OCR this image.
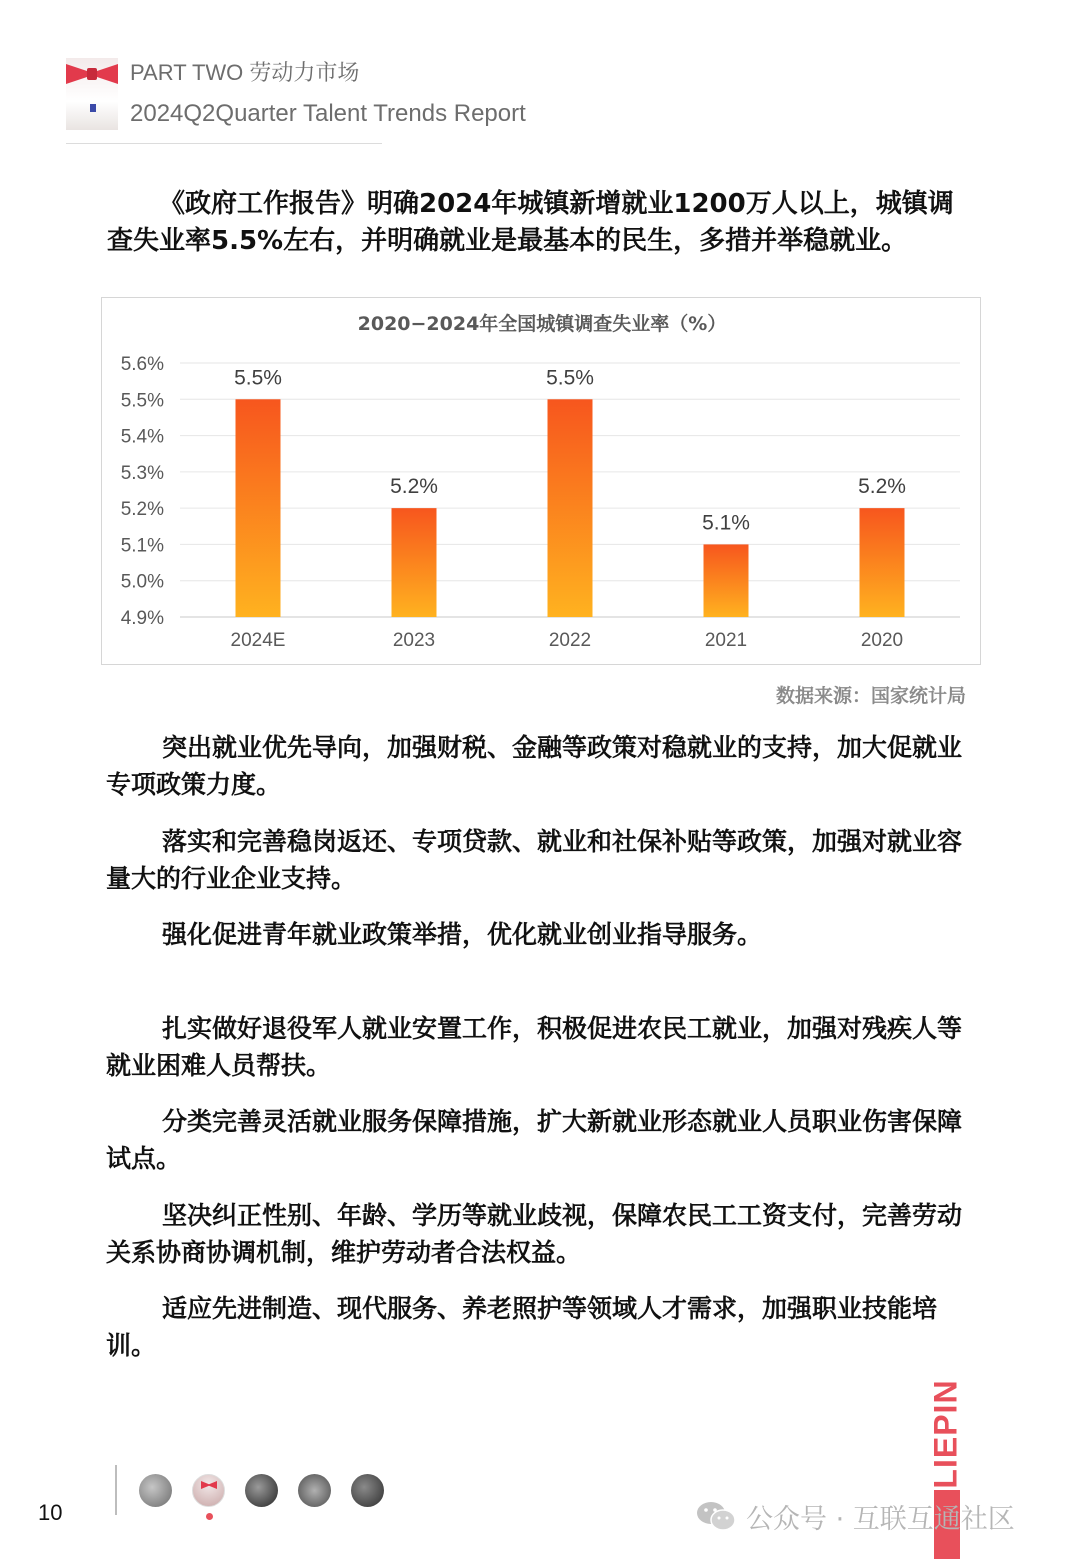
PART TWO 劳动力市场
2024Q2Quarter Talent Trends Report
《政府工作报告》明确2024年城镇新增就业1200万人以上，城镇调查失业率5.5%左右，并明确就业是最基本的民生，多措并举稳就业。
2020−2024年全国城镇调查失业率（%）
5.6%
5.5%
5.4%
5.3%
5.2%
5.1%
5.0%
4.9%
5.5%
2024E
5.2%
2023
5.5%
2022
5.1%
2021
5.2%
2020
数据来源：国家统计局
突出就业优先导向，加强财税、金融等政策对稳就业的支持，加大促就业专项政策力度。
落实和完善稳岗返还、专项贷款、就业和社保补贴等政策，加强对就业容量大的行业企业支持。
强化促进青年就业政策举措，优化就业创业指导服务。
扎实做好退役军人就业安置工作，积极促进农民工就业，加强对残疾人等就业困难人员帮扶。
分类完善灵活就业服务保障措施，扩大新就业形态就业人员职业伤害保障试点。
坚决纠正性别、年龄、学历等就业歧视，保障农民工工资支付，完善劳动关系协商协调机制，维护劳动者合法权益。
适应先进制造、现代服务、养老照护等领域人才需求，加强职业技能培训。
10
LIEPIN
公众号 · 互联互通社区
